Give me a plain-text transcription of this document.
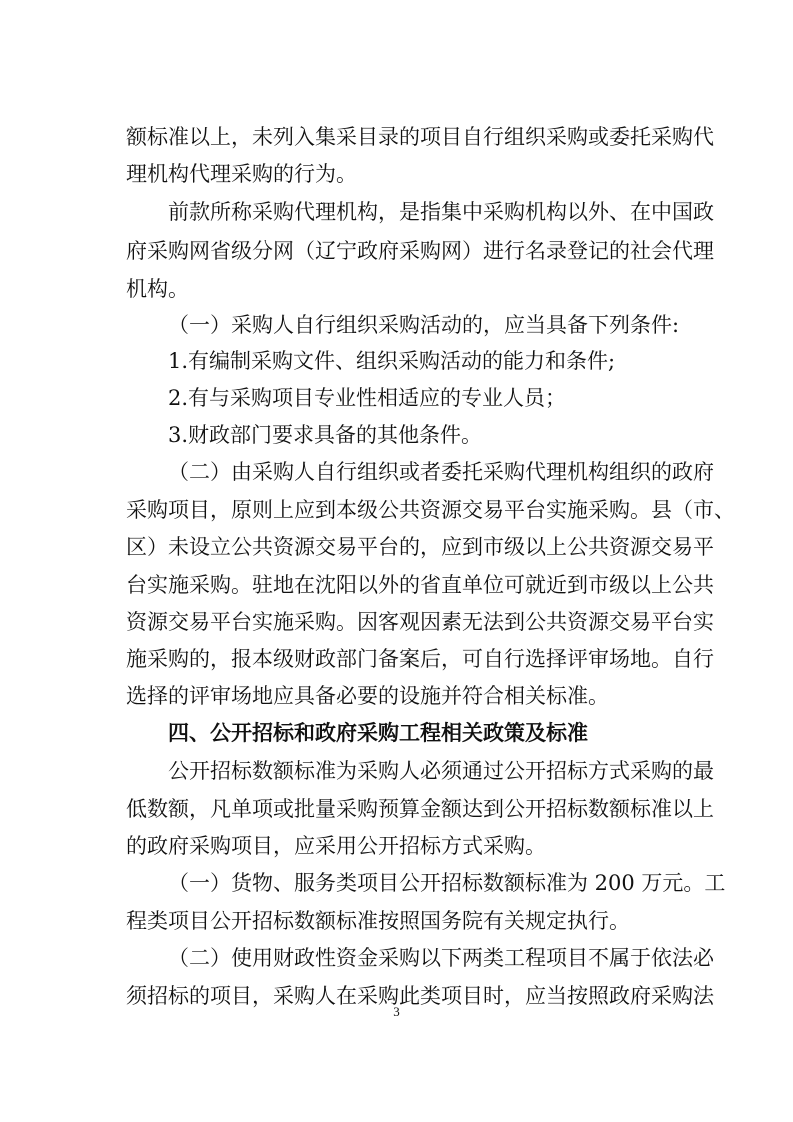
额标准以上，未列入集采目录的项目自行组织采购或委托采购代
理机构代理采购的行为。
前款所称采购代理机构，是指集中采购机构以外、在中国政
府采购网省级分网（辽宁政府采购网）进行名录登记的社会代理
机构。
（一）采购人自行组织采购活动的，应当具备下列条件:
1.有编制采购文件、组织采购活动的能力和条件;
2.有与采购项目专业性相适应的专业人员；
3.财政部门要求具备的其他条件。
（二）由采购人自行组织或者委托采购代理机构组织的政府
采购项目，原则上应到本级公共资源交易平台实施采购。县（市、
区）未设立公共资源交易平台的，应到市级以上公共资源交易平
台实施采购。驻地在沈阳以外的省直单位可就近到市级以上公共
资源交易平台实施采购。因客观因素无法到公共资源交易平台实
施采购的，报本级财政部门备案后，可自行选择评审场地。自行
选择的评审场地应具备必要的设施并符合相关标准。
四、公开招标和政府采购工程相关政策及标准
公开招标数额标准为采购人必须通过公开招标方式采购的最
低数额，凡单项或批量采购预算金额达到公开招标数额标准以上
的政府采购项目，应采用公开招标方式采购。
（一）货物、服务类项目公开招标数额标准为 200 万元。工
程类项目公开招标数额标准按照国务院有关规定执行。
（二）使用财政性资金采购以下两类工程项目不属于依法必
须招标的项目，采购人在采购此类项目时，应当按照政府采购法
3
